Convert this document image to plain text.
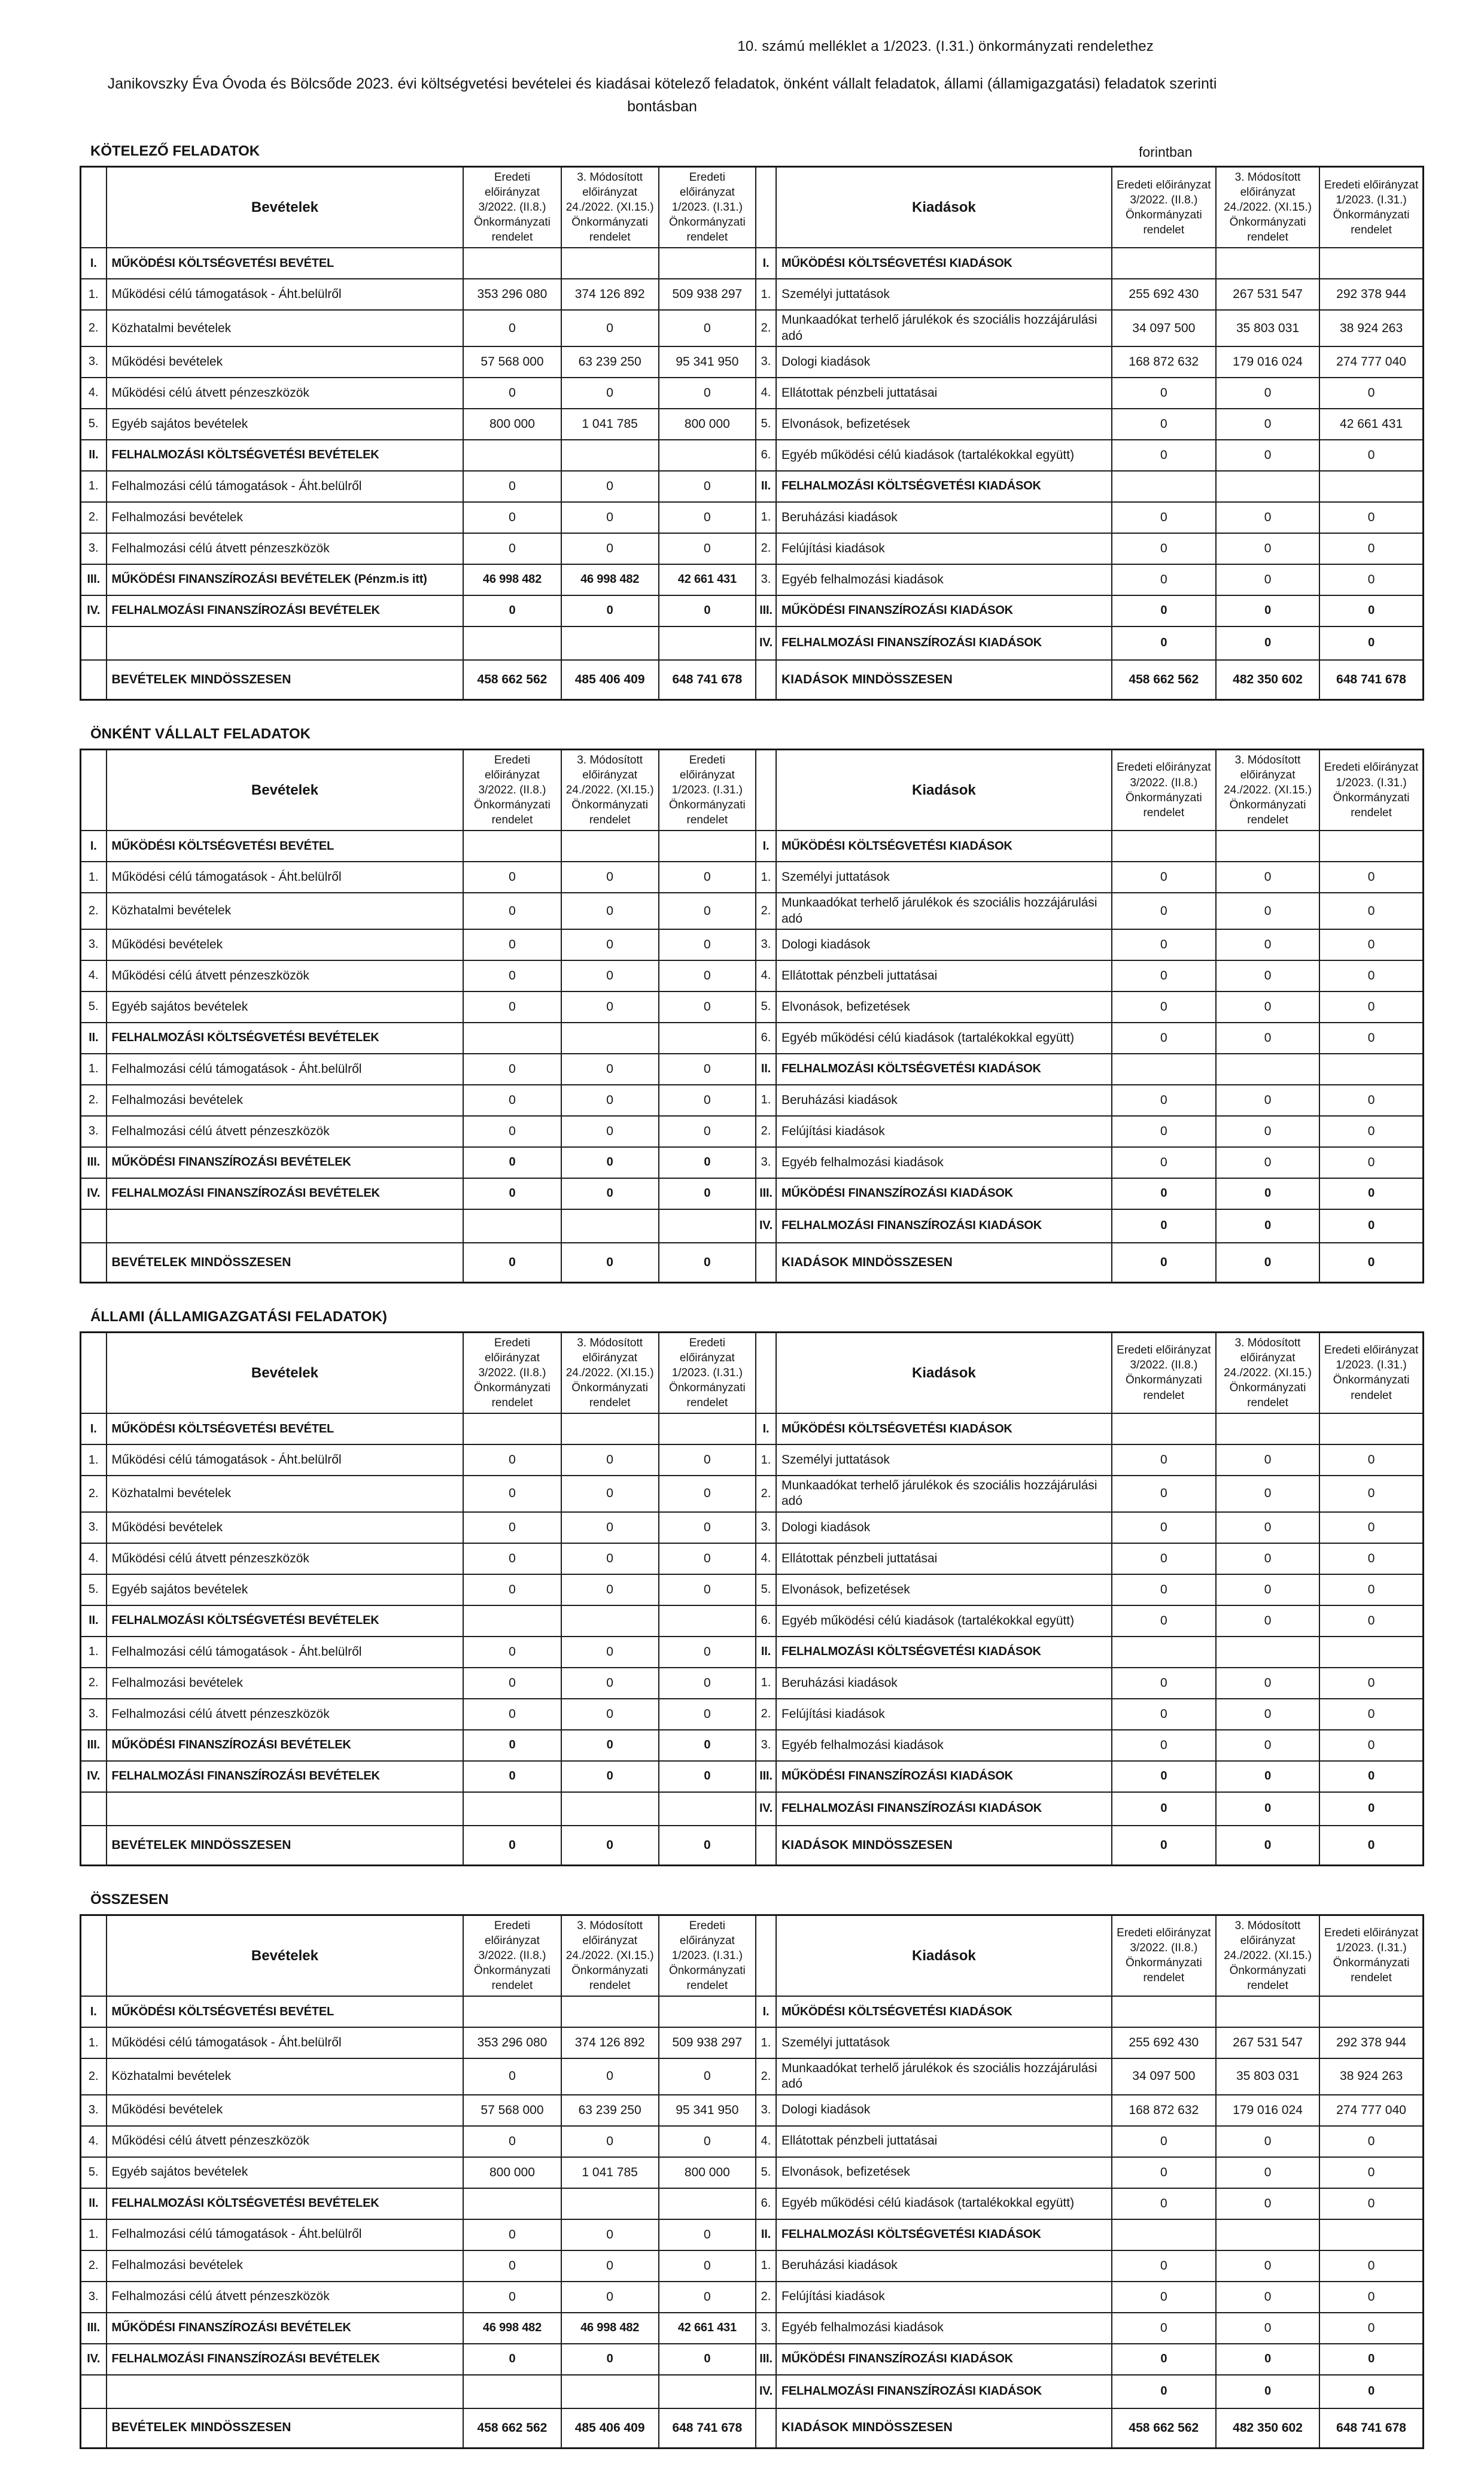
10. számú melléklet a 1/2023. (I.31.) önkormányzati rendelethez
Janikovszky Éva Óvoda és Bölcsőde 2023. évi költségvetési bevételei és kiadásai kötelező feladatok, önként vállalt feladatok, állami (államigazgatási) feladatok szerinti
bontásban
KÖTELEZŐ FELADATOK	forintban
	Bevételek	Eredeti előirányzat 3/2022. (II.8.) Önkormányzati rendelet	3. Módosított előirányzat 24./2022. (XI.15.) Önkormányzati rendelet	Eredeti előirányzat 1/2023. (I.31.) Önkormányzati rendelet		Kiadások	Eredeti előirányzat 3/2022. (II.8.) Önkormányzati rendelet	3. Módosított előirányzat 24./2022. (XI.15.) Önkormányzati rendelet	Eredeti előirányzat 1/2023. (I.31.) Önkormányzati rendelet
I.	MŰKÖDÉSI KÖLTSÉGVETÉSI BEVÉTEL				I.	MŰKÖDÉSI KÖLTSÉGVETÉSI KIADÁSOK			
1.	Működési célú támogatások - Áht.belülről	353 296 080	374 126 892	509 938 297	1.	Személyi juttatások	255 692 430	267 531 547	292 378 944
2.	Közhatalmi bevételek	0	0	0	2.	Munkaadókat terhelő járulékok és szociális hozzájárulási adó	34 097 500	35 803 031	38 924 263
3.	Működési bevételek	57 568 000	63 239 250	95 341 950	3.	Dologi kiadások	168 872 632	179 016 024	274 777 040
4.	Működési célú átvett pénzeszközök	0	0	0	4.	Ellátottak pénzbeli juttatásai	0	0	0
5.	Egyéb sajátos bevételek	800 000	1 041 785	800 000	5.	Elvonások, befizetések	0	0	42 661 431
II.	FELHALMOZÁSI KÖLTSÉGVETÉSI BEVÉTELEK				6.	Egyéb működési célú kiadások (tartalékokkal együtt)	0	0	0
1.	Felhalmozási célú támogatások - Áht.belülről	0	0	0	II.	FELHALMOZÁSI KÖLTSÉGVETÉSI KIADÁSOK			
2.	Felhalmozási bevételek	0	0	0	1.	Beruházási kiadások	0	0	0
3.	Felhalmozási célú átvett pénzeszközök	0	0	0	2.	Felújítási kiadások	0	0	0
III.	MŰKÖDÉSI FINANSZÍROZÁSI BEVÉTELEK (Pénzm.is itt)	46 998 482	46 998 482	42 661 431	3.	Egyéb felhalmozási kiadások	0	0	0
IV.	FELHALMOZÁSI FINANSZÍROZÁSI BEVÉTELEK	0	0	0	III.	MŰKÖDÉSI FINANSZÍROZÁSI KIADÁSOK	0	0	0
					IV.	FELHALMOZÁSI FINANSZÍROZÁSI KIADÁSOK	0	0	0
	BEVÉTELEK MINDÖSSZESEN	458 662 562	485 406 409	648 741 678		KIADÁSOK MINDÖSSZESEN	458 662 562	482 350 602	648 741 678
ÖNKÉNT VÁLLALT FELADATOK
	Bevételek	Eredeti előirányzat 3/2022. (II.8.) Önkormányzati rendelet	3. Módosított előirányzat 24./2022. (XI.15.) Önkormányzati rendelet	Eredeti előirányzat 1/2023. (I.31.) Önkormányzati rendelet		Kiadások	Eredeti előirányzat 3/2022. (II.8.) Önkormányzati rendelet	3. Módosított előirányzat 24./2022. (XI.15.) Önkormányzati rendelet	Eredeti előirányzat 1/2023. (I.31.) Önkormányzati rendelet
I.	MŰKÖDÉSI KÖLTSÉGVETÉSI BEVÉTEL				I.	MŰKÖDÉSI KÖLTSÉGVETÉSI KIADÁSOK			
1.	Működési célú támogatások - Áht.belülről	0	0	0	1.	Személyi juttatások	0	0	0
2.	Közhatalmi bevételek	0	0	0	2.	Munkaadókat terhelő járulékok és szociális hozzájárulási adó	0	0	0
3.	Működési bevételek	0	0	0	3.	Dologi kiadások	0	0	0
4.	Működési célú átvett pénzeszközök	0	0	0	4.	Ellátottak pénzbeli juttatásai	0	0	0
5.	Egyéb sajátos bevételek	0	0	0	5.	Elvonások, befizetések	0	0	0
II.	FELHALMOZÁSI KÖLTSÉGVETÉSI BEVÉTELEK				6.	Egyéb működési célú kiadások (tartalékokkal együtt)	0	0	0
1.	Felhalmozási célú támogatások - Áht.belülről	0	0	0	II.	FELHALMOZÁSI KÖLTSÉGVETÉSI KIADÁSOK			
2.	Felhalmozási bevételek	0	0	0	1.	Beruházási kiadások	0	0	0
3.	Felhalmozási célú átvett pénzeszközök	0	0	0	2.	Felújítási kiadások	0	0	0
III.	MŰKÖDÉSI FINANSZÍROZÁSI BEVÉTELEK	0	0	0	3.	Egyéb felhalmozási kiadások	0	0	0
IV.	FELHALMOZÁSI FINANSZÍROZÁSI BEVÉTELEK	0	0	0	III.	MŰKÖDÉSI FINANSZÍROZÁSI KIADÁSOK	0	0	0
					IV.	FELHALMOZÁSI FINANSZÍROZÁSI KIADÁSOK	0	0	0
	BEVÉTELEK MINDÖSSZESEN	0	0	0		KIADÁSOK MINDÖSSZESEN	0	0	0
ÁLLAMI (ÁLLAMIGAZGATÁSI FELADATOK)
	Bevételek	Eredeti előirányzat 3/2022. (II.8.) Önkormányzati rendelet	3. Módosított előirányzat 24./2022. (XI.15.) Önkormányzati rendelet	Eredeti előirányzat 1/2023. (I.31.) Önkormányzati rendelet		Kiadások	Eredeti előirányzat 3/2022. (II.8.) Önkormányzati rendelet	3. Módosított előirányzat 24./2022. (XI.15.) Önkormányzati rendelet	Eredeti előirányzat 1/2023. (I.31.) Önkormányzati rendelet
I.	MŰKÖDÉSI KÖLTSÉGVETÉSI BEVÉTEL				I.	MŰKÖDÉSI KÖLTSÉGVETÉSI KIADÁSOK			
1.	Működési célú támogatások - Áht.belülről	0	0	0	1.	Személyi juttatások	0	0	0
2.	Közhatalmi bevételek	0	0	0	2.	Munkaadókat terhelő járulékok és szociális hozzájárulási adó	0	0	0
3.	Működési bevételek	0	0	0	3.	Dologi kiadások	0	0	0
4.	Működési célú átvett pénzeszközök	0	0	0	4.	Ellátottak pénzbeli juttatásai	0	0	0
5.	Egyéb sajátos bevételek	0	0	0	5.	Elvonások, befizetések	0	0	0
II.	FELHALMOZÁSI KÖLTSÉGVETÉSI BEVÉTELEK				6.	Egyéb működési célú kiadások (tartalékokkal együtt)	0	0	0
1.	Felhalmozási célú támogatások - Áht.belülről	0	0	0	II.	FELHALMOZÁSI KÖLTSÉGVETÉSI KIADÁSOK			
2.	Felhalmozási bevételek	0	0	0	1.	Beruházási kiadások	0	0	0
3.	Felhalmozási célú átvett pénzeszközök	0	0	0	2.	Felújítási kiadások	0	0	0
III.	MŰKÖDÉSI FINANSZÍROZÁSI BEVÉTELEK	0	0	0	3.	Egyéb felhalmozási kiadások	0	0	0
IV.	FELHALMOZÁSI FINANSZÍROZÁSI BEVÉTELEK	0	0	0	III.	MŰKÖDÉSI FINANSZÍROZÁSI KIADÁSOK	0	0	0
					IV.	FELHALMOZÁSI FINANSZÍROZÁSI KIADÁSOK	0	0	0
	BEVÉTELEK MINDÖSSZESEN	0	0	0		KIADÁSOK MINDÖSSZESEN	0	0	0
ÖSSZESEN
	Bevételek	Eredeti előirányzat 3/2022. (II.8.) Önkormányzati rendelet	3. Módosított előirányzat 24./2022. (XI.15.) Önkormányzati rendelet	Eredeti előirányzat 1/2023. (I.31.) Önkormányzati rendelet		Kiadások	Eredeti előirányzat 3/2022. (II.8.) Önkormányzati rendelet	3. Módosított előirányzat 24./2022. (XI.15.) Önkormányzati rendelet	Eredeti előirányzat 1/2023. (I.31.) Önkormányzati rendelet
I.	MŰKÖDÉSI KÖLTSÉGVETÉSI BEVÉTEL				I.	MŰKÖDÉSI KÖLTSÉGVETÉSI KIADÁSOK			
1.	Működési célú támogatások - Áht.belülről	353 296 080	374 126 892	509 938 297	1.	Személyi juttatások	255 692 430	267 531 547	292 378 944
2.	Közhatalmi bevételek	0	0	0	2.	Munkaadókat terhelő járulékok és szociális hozzájárulási adó	34 097 500	35 803 031	38 924 263
3.	Működési bevételek	57 568 000	63 239 250	95 341 950	3.	Dologi kiadások	168 872 632	179 016 024	274 777 040
4.	Működési célú átvett pénzeszközök	0	0	0	4.	Ellátottak pénzbeli juttatásai	0	0	0
5.	Egyéb sajátos bevételek	800 000	1 041 785	800 000	5.	Elvonások, befizetések	0	0	0
II.	FELHALMOZÁSI KÖLTSÉGVETÉSI BEVÉTELEK				6.	Egyéb működési célú kiadások (tartalékokkal együtt)	0	0	0
1.	Felhalmozási célú támogatások - Áht.belülről	0	0	0	II.	FELHALMOZÁSI KÖLTSÉGVETÉSI KIADÁSOK			
2.	Felhalmozási bevételek	0	0	0	1.	Beruházási kiadások	0	0	0
3.	Felhalmozási célú átvett pénzeszközök	0	0	0	2.	Felújítási kiadások	0	0	0
III.	MŰKÖDÉSI FINANSZÍROZÁSI BEVÉTELEK	46 998 482	46 998 482	42 661 431	3.	Egyéb felhalmozási kiadások	0	0	0
IV.	FELHALMOZÁSI FINANSZÍROZÁSI BEVÉTELEK	0	0	0	III.	MŰKÖDÉSI FINANSZÍROZÁSI KIADÁSOK	0	0	0
					IV.	FELHALMOZÁSI FINANSZÍROZÁSI KIADÁSOK	0	0	0
	BEVÉTELEK MINDÖSSZESEN	458 662 562	485 406 409	648 741 678		KIADÁSOK MINDÖSSZESEN	458 662 562	482 350 602	648 741 678
